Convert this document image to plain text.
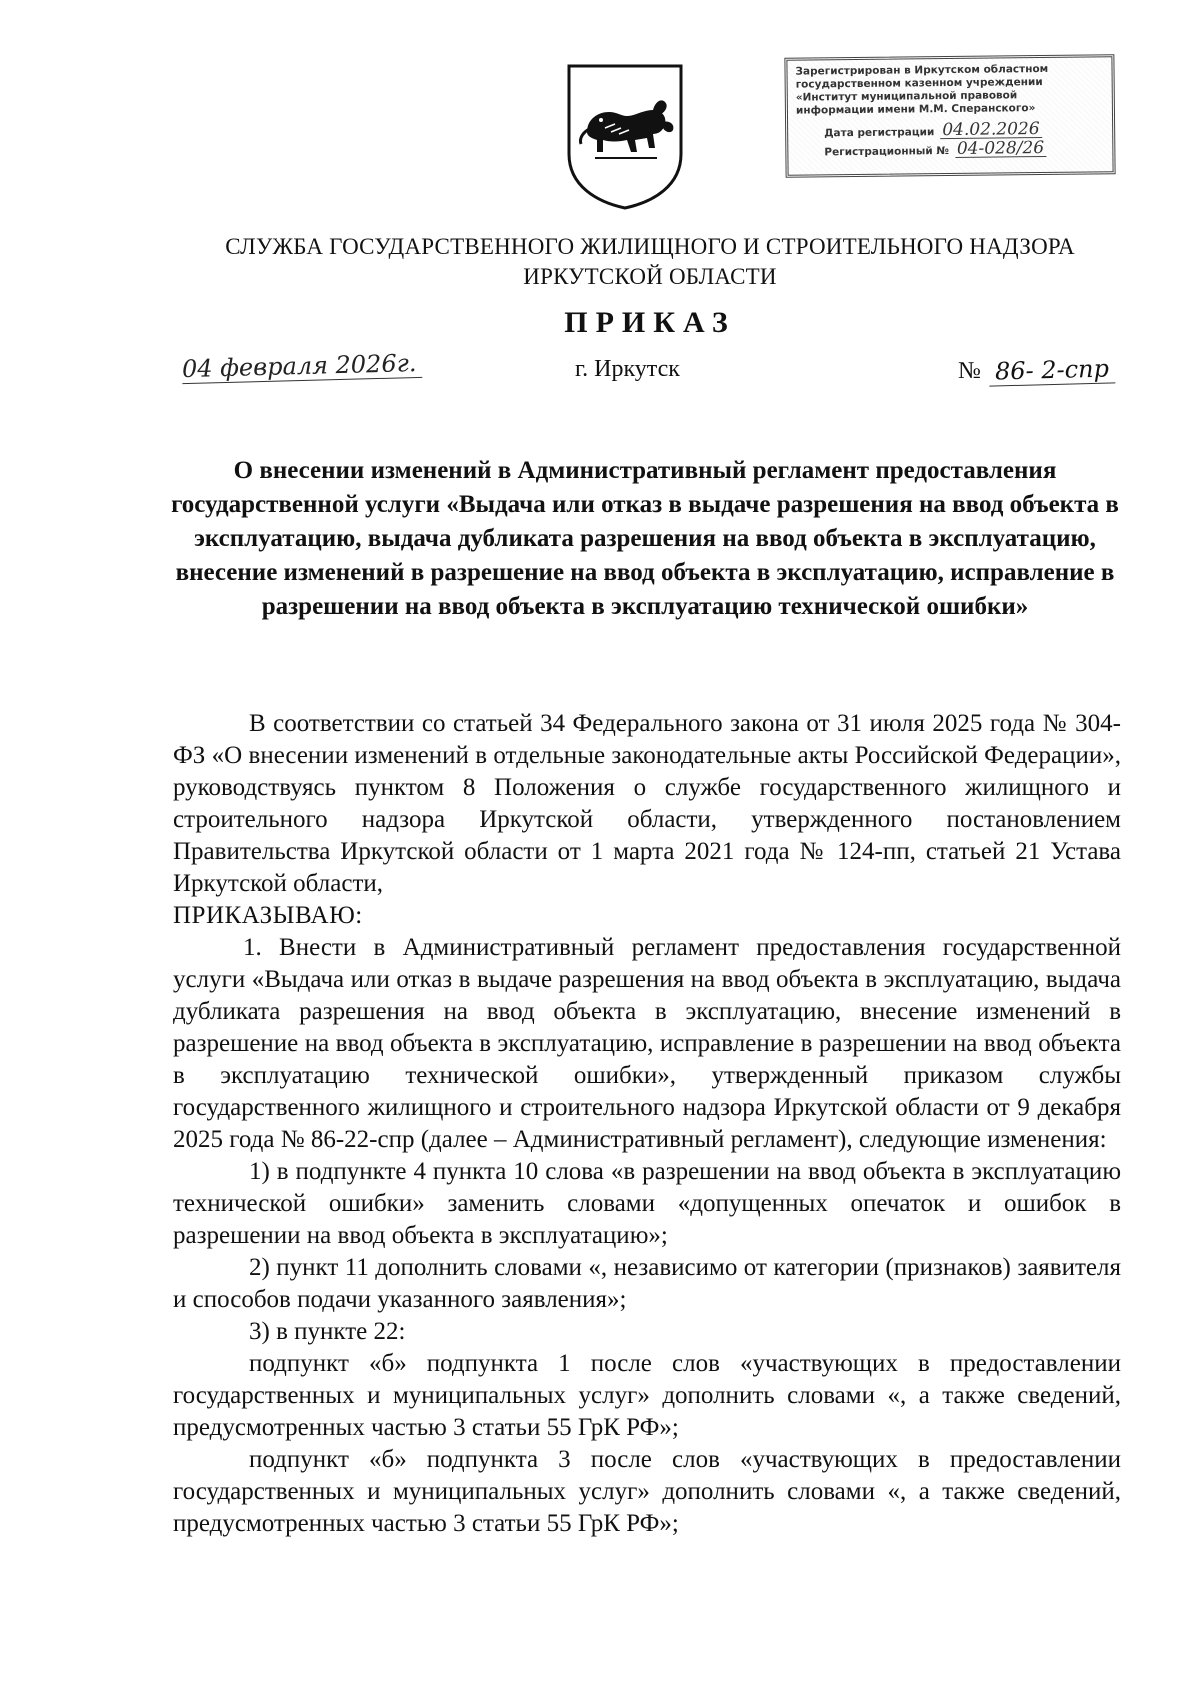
Зарегистрирован в Иркутском областном
государственном казенном учреждении
«Институт муниципальной правовой
информации имени М.М. Сперанского»
Дата регистрации 04.02.2026
Регистрационный № 04-028/26
СЛУЖБА ГОСУДАРСТВЕННОГО ЖИЛИЩНОГО И СТРОИТЕЛЬНОГО НАДЗОРА
ИРКУТСКОЙ ОБЛАСТИ
ПРИКАЗ
04 февраля 2026г.	г. Иркутск	№ 86- 2-спр
О внесении изменений в Административный регламент предоставления государственной услуги «Выдача или отказ в выдаче разрешения на ввод объекта в эксплуатацию, выдача дубликата разрешения на ввод объекта в эксплуатацию, внесение изменений в разрешение на ввод объекта в эксплуатацию, исправление в разрешении на ввод объекта в эксплуатацию технической ошибки»

В соответствии со статьей 34 Федерального закона от 31 июля 2025 года № 304-ФЗ «О внесении изменений в отдельные законодательные акты Российской Федерации», руководствуясь пунктом 8 Положения о службе государственного жилищного и строительного надзора Иркутской области, утвержденного постановлением Правительства Иркутской области от 1 марта 2021 года № 124-пп, статьей 21 Устава Иркутской области,

ПРИКАЗЫВАЮ:

1. Внести в Административный регламент предоставления государственной услуги «Выдача или отказ в выдаче разрешения на ввод объекта в эксплуатацию, выдача дубликата разрешения на ввод объекта в эксплуатацию, внесение изменений в разрешение на ввод объекта в эксплуатацию, исправление в разрешении на ввод объекта в эксплуатацию технической ошибки», утвержденный приказом службы государственного жилищного и строительного надзора Иркутской области от 9 декабря 2025 года № 86-22-спр (далее – Административный регламент), следующие изменения:

1) в подпункте 4 пункта 10 слова «в разрешении на ввод объекта в эксплуатацию технической ошибки» заменить словами «допущенных опечаток и ошибок в разрешении на ввод объекта в эксплуатацию»;

2) пункт 11 дополнить словами «, независимо от категории (признаков) заявителя и способов подачи указанного заявления»;

3) в пункте 22:

подпункт «б» подпункта 1 после слов «участвующих в предоставлении государственных и муниципальных услуг» дополнить словами «, а также сведений, предусмотренных частью 3 статьи 55 ГрК РФ»;

подпункт «б» подпункта 3 после слов «участвующих в предоставлении государственных и муниципальных услуг» дополнить словами «, а также сведений, предусмотренных частью 3 статьи 55 ГрК РФ»;
